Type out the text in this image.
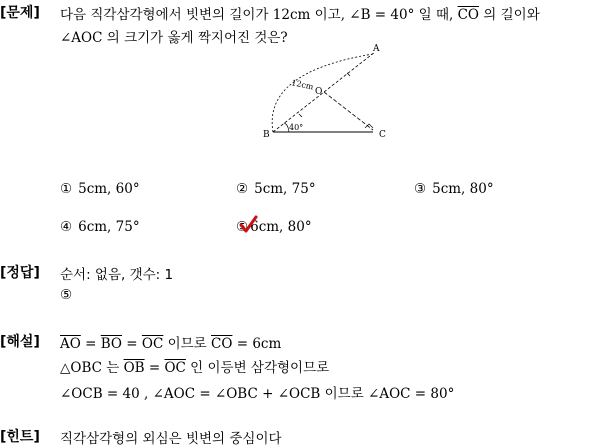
[문제] 다음 직각삼각형에서 빗변의 길이가 12cm 이고, ∠B = 40° 일 때, $\overline{CO}$ 의 길이와
∠AOC 의 크기가 옳게 짝지어진 것은?
A
B	C
O
12cm
40°
① 5cm, 60°	② 5cm, 75°	③ 5cm, 80°
④ 6cm, 75°	⑤ 6cm, 80°
[정답] 순서: 없음, 갯수: 1
⑤
[해설] $\overline{AO} = \overline{BO} = \overline{OC}$ 이므로 $\overline{CO} = 6cm$
△OBC 는 $\overline{OB} = \overline{OC}$ 인 이등변 삼각형이므로
∠OCB = 40 , ∠AOC = ∠OBC + ∠OCB 이므로 ∠AOC = 80°
[힌트] 직각삼각형의 외심은 빗변의 중심이다
